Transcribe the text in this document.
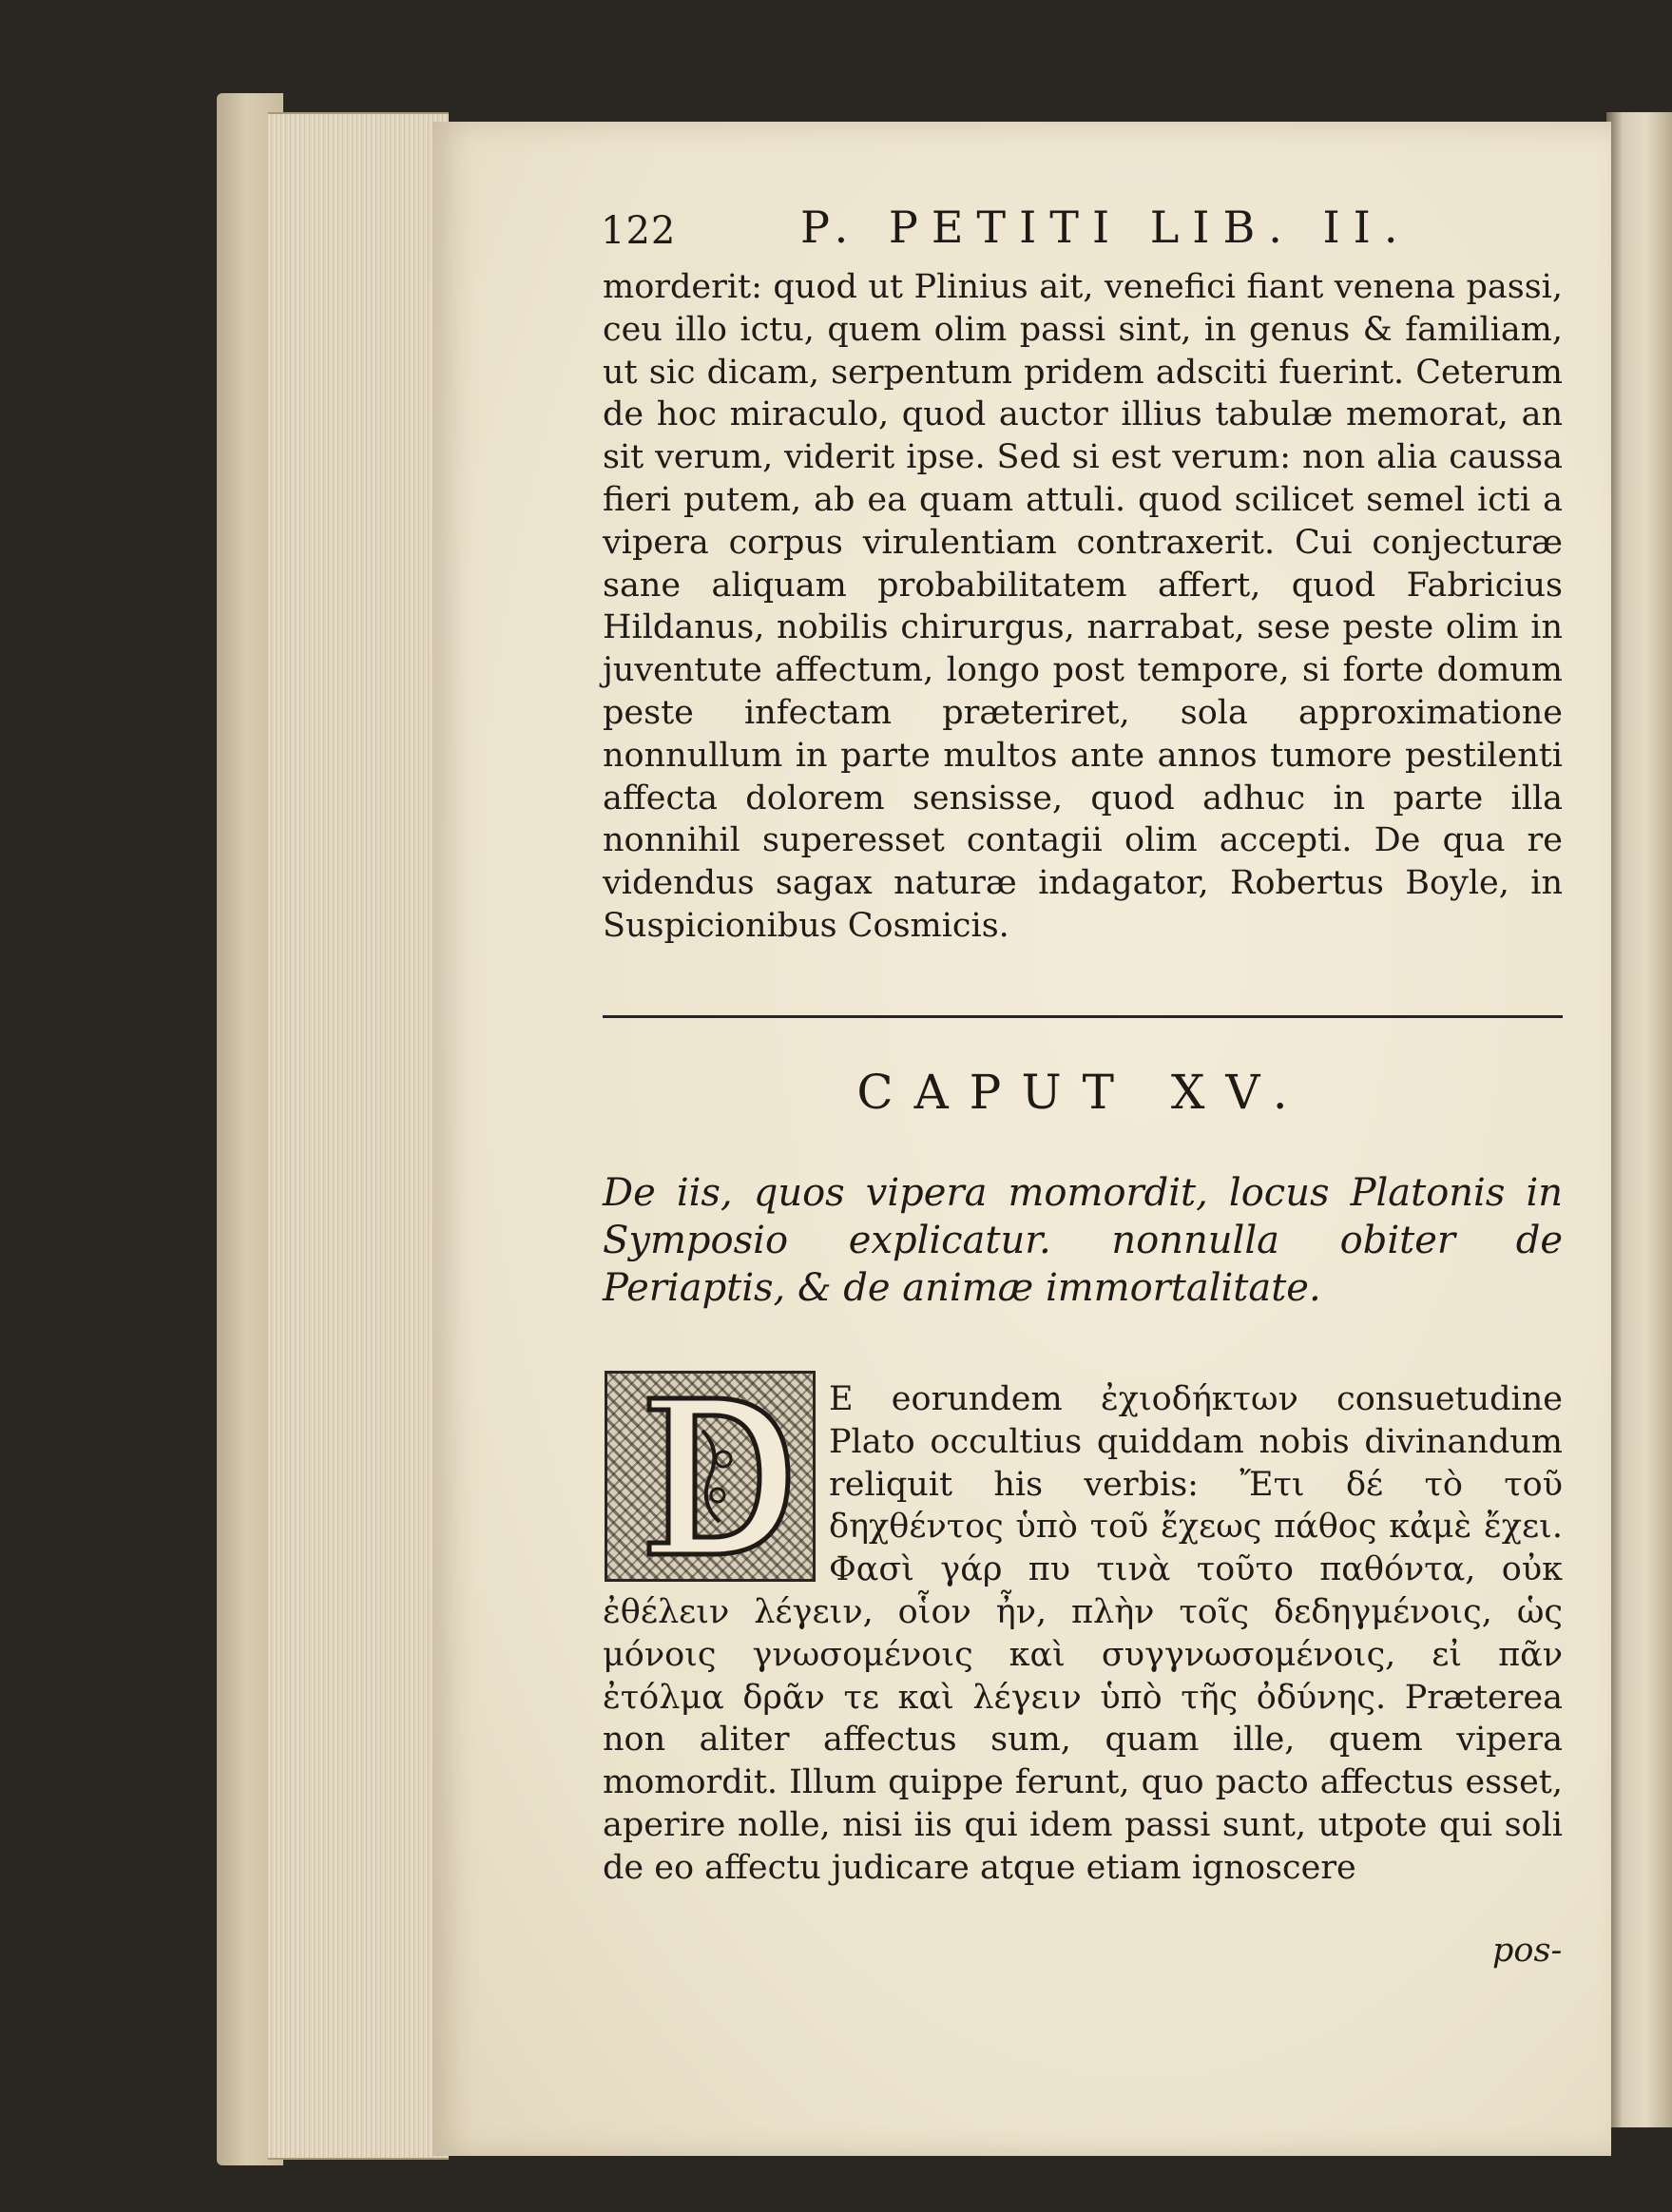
122	P. PETITI LIB. II.
morderit: quod ut Plinius ait, venefici fiant venena passi, ceu illo ictu, quem olim passi sint, in genus & familiam, ut sic dicam, serpentum pridem adsciti fuerint. Ceterum de hoc miraculo, quod auctor illius tabulæ memorat, an sit verum, viderit ipse. Sed si est verum: non alia caussa fieri putem, ab ea quam attuli. quod scilicet semel icti a vipera corpus virulentiam contraxerit. Cui conjecturæ sane aliquam probabilitatem affert, quod Fabricius Hildanus, nobilis chirurgus, narrabat, sese peste olim in juventute affectum, longo post tempore, si forte domum peste infectam præteriret, sola approximatione nonnullum in parte multos ante annos tumore pestilenti affecta dolorem sensisse, quod adhuc in parte illa nonnihil superesset contagii olim accepti. De qua re videndus sagax naturæ indagator, Robertus Boyle, in Suspicionibus Cosmicis.
CAPUT XV.
De iis, quos vipera momordit, locus Platonis in Symposio explicatur. nonnulla obiter de Periaptis, & de animæ immortalitate.
E eorundem ἐχιοδήκτων consuetudine Plato occultius quiddam nobis divinandum reliquit his verbis: Ἔτι δέ τὸ τοῦ δηχθέντος ὑπὸ τοῦ ἔχεως πάθος κἀμὲ ἔχει. Φασὶ γάρ πυ τινὰ τοῦτο παθόντα, οὐκ ἐθέλειν λέγειν, οἷον ἦν, πλὴν τοῖς δεδηγμένοις, ὡς μόνοις γνωσομένοις καὶ συγγνωσομένοις, εἰ πᾶν ἐτόλμα δρᾶν τε καὶ λέγειν ὑπὸ τῆς ὀδύνης. Præterea non aliter affectus sum, quam ille, quem vipera momordit. Illum quippe ferunt, quo pacto affectus esset, aperire nolle, nisi iis qui idem passi sunt, utpote qui soli de eo affectu judicare atque etiam ignoscere
pos-
